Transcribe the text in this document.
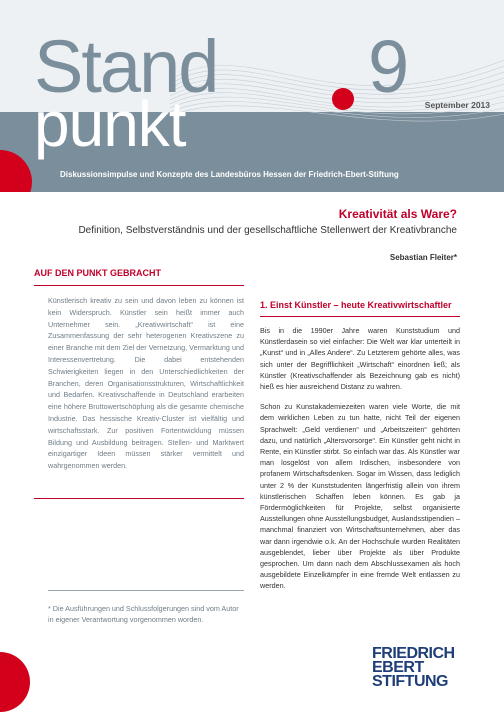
Stand 9 September 2013
punkt
Diskussionsimpulse und Konzepte des Landesbüros Hessen der Friedrich-Ebert-Stiftung
Kreativität als Ware?
Definition, Selbstverständnis und der gesellschaftliche Stellenwert der Kreativbranche
Sebastian Fleiter*
AUF DEN PUNKT GEBRACHT
Künstlerisch kreativ zu sein und davon leben zu können ist kein Widerspruch. Künstler sein heißt immer auch Unternehmer sein. „Kreativwirtschaft“ ist eine Zusammenfassung der sehr heterogenen Kreativszene zu einer Branche mit dem Ziel der Vernetzung, Vermarktung und Interessenvertretung. Die dabei entstehenden Schwierigkeiten liegen in den Unterschiedlichkeiten der Branchen, deren Organisationsstrukturen, Wirtschaftlichkeit und Bedarfen. Kreativschaffende in Deutschland erarbeiten eine höhere Bruttowertschöpfung als die gesamte chemische Industrie. Das hessische Kreativ-Cluster ist vielfältig und wirtschaftsstark. Zur positiven Fortentwicklung müssen Bildung und Ausbildung beitragen. Stellen- und Marktwert einzigartiger Ideen müssen stärker vermittelt und wahrgenommen werden.
* Die Ausführungen und Schlussfolgerungen sind vom Autor in eigener Verantwortung vorgenommen worden.
1. Einst Künstler – heute Kreativwirtschaftler

Bis in die 1990er Jahre waren Kunststudium und Künstlerdasein so viel einfacher: Die Welt war klar unterteilt in „Kunst“ und in „Alles Andere“. Zu Letzterem gehörte alles, was sich unter der Begrifflichkeit „Wirtschaft“ einordnen ließ; als Künstler (Kreativschaffender als Bezeichnung gab es nicht) hieß es hier ausreichend Distanz zu wahren.

Schon zu Kunstakademiezeiten waren viele Worte, die mit dem wirklichen Leben zu tun hatte, nicht Teil der eigenen Sprachwelt: „Geld verdienen“ und „Arbeitszeiten“ gehörten dazu, und natürlich „Altersvorsorge“. Ein Künstler geht nicht in Rente, ein Künstler stirbt. So einfach war das. Als Künstler war man losgelöst von allem Irdischen, insbesondere von profanem Wirtschaftsdenken. Sogar im Wissen, dass lediglich unter 2 % der Kunststudenten längerfristig allein von ihrem künstlerischen Schaffen leben können. Es gab ja Fördermöglichkeiten für Projekte, selbst organisierte Ausstellungen ohne Ausstellungsbudget, Auslandsstipendien – manchmal finanziert von Wirtschaftsunternehmen, aber das war dann irgendwie o.k. An der Hochschule wurden Realitäten ausgeblendet, lieber über Projekte als über Produkte gesprochen. Um dann nach dem Abschlussexamen als hoch ausgebildete Einzelkämpfer in eine fremde Welt entlassen zu werden.

FRIEDRICH
EBERT
STIFTUNG
